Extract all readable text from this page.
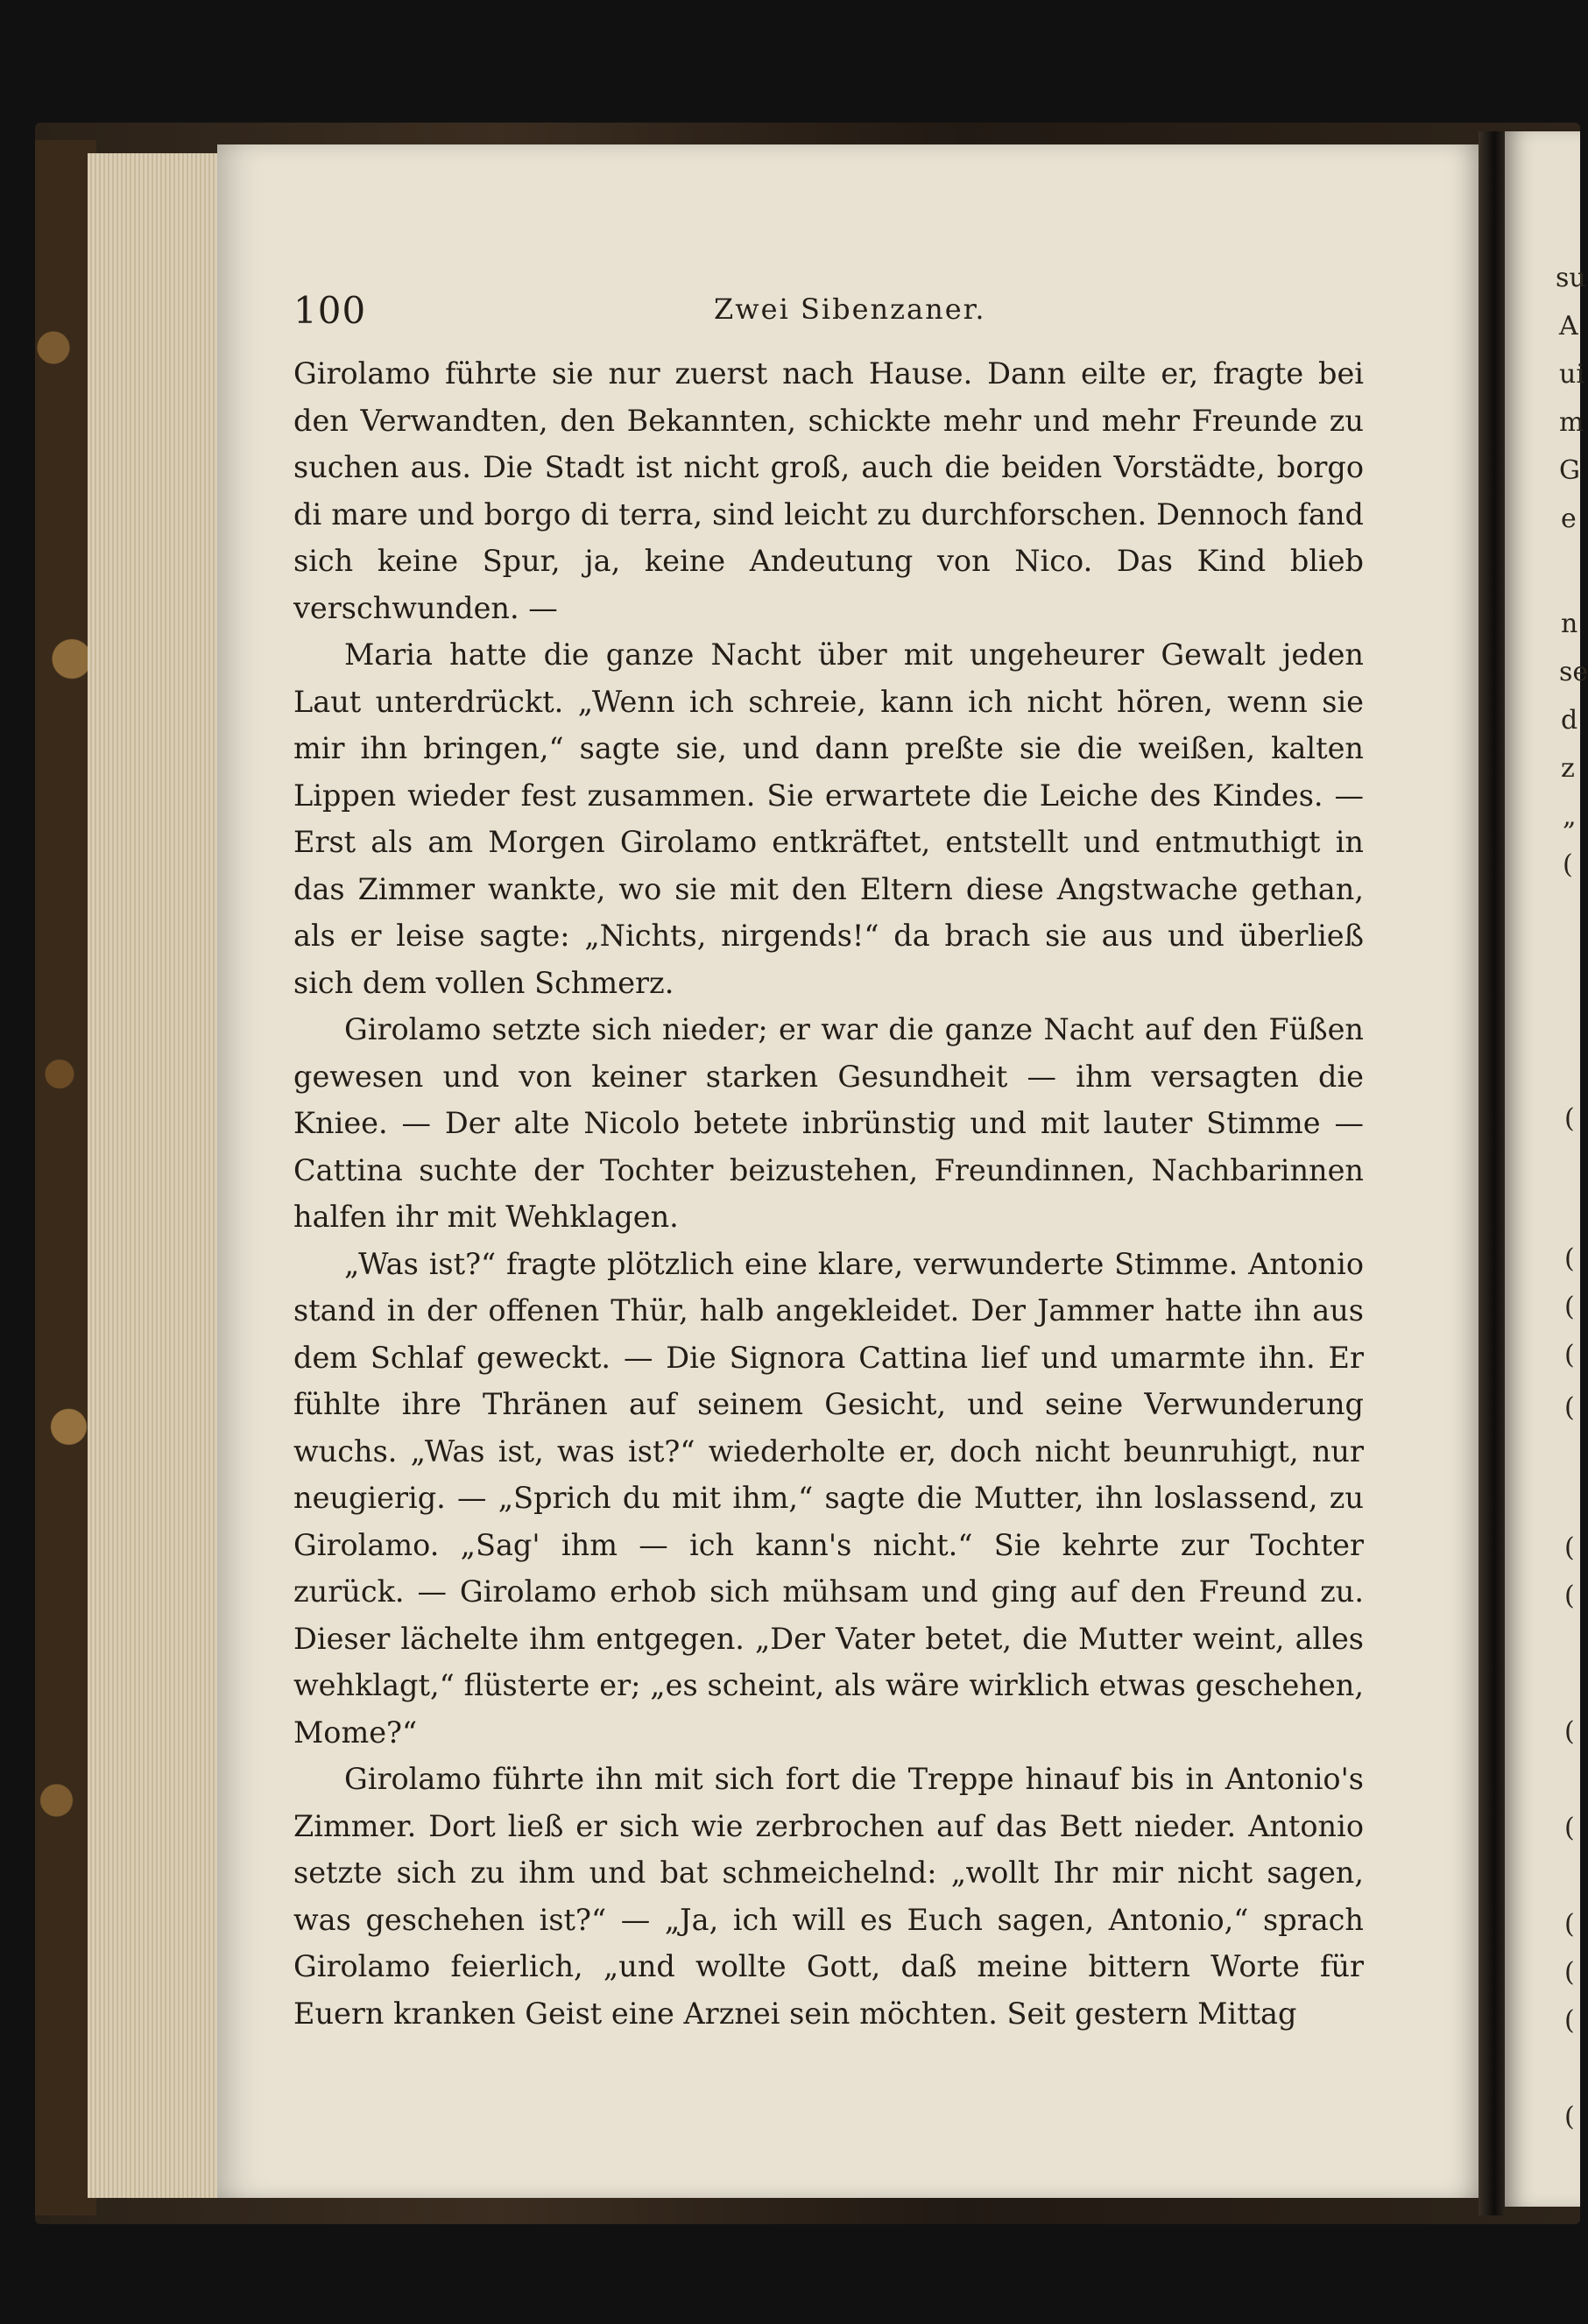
100	Zwei Sibenzaner.

Girolamo führte sie nur zuerst nach Hause. Dann eilte er, fragte bei den Verwandten, den Bekannten, schickte mehr und mehr Freunde zu suchen aus. Die Stadt ist nicht groß, auch die beiden Vorstädte, borgo di mare und borgo di terra, sind leicht zu durchforschen. Dennoch fand sich keine Spur, ja, keine Andeutung von Nico. Das Kind blieb verschwunden. —

Maria hatte die ganze Nacht über mit ungeheurer Gewalt jeden Laut unterdrückt. „Wenn ich schreie, kann ich nicht hören, wenn sie mir ihn bringen,“ sagte sie, und dann preßte sie die weißen, kalten Lippen wieder fest zusammen. Sie erwartete die Leiche des Kindes. — Erst als am Morgen Girolamo entkräftet, entstellt und entmuthigt in das Zimmer wankte, wo sie mit den Eltern diese Angstwache gethan, als er leise sagte: „Nichts, nirgends!“ da brach sie aus und überließ sich dem vollen Schmerz.

Girolamo setzte sich nieder; er war die ganze Nacht auf den Füßen gewesen und von keiner starken Gesundheit — ihm versagten die Kniee. — Der alte Nicolo betete inbrünstig und mit lauter Stimme — Cattina suchte der Tochter beizustehen, Freundinnen, Nachbarinnen halfen ihr mit Wehklagen.

„Was ist?“ fragte plötzlich eine klare, verwunderte Stimme. Antonio stand in der offenen Thür, halb angekleidet. Der Jammer hatte ihn aus dem Schlaf geweckt. — Die Signora Cattina lief und umarmte ihn. Er fühlte ihre Thränen auf seinem Gesicht, und seine Verwunderung wuchs. „Was ist, was ist?“ wiederholte er, doch nicht beunruhigt, nur neugierig. — „Sprich du mit ihm,“ sagte die Mutter, ihn loslassend, zu Girolamo. „Sag' ihm — ich kann's nicht.“ Sie kehrte zur Tochter zurück. — Girolamo erhob sich mühsam und ging auf den Freund zu. Dieser lächelte ihm entgegen. „Der Vater betet, die Mutter weint, alles wehklagt,“ flüsterte er; „es scheint, als wäre wirklich etwas geschehen, Mome?“

Girolamo führte ihn mit sich fort die Treppe hinauf bis in Antonio's Zimmer. Dort ließ er sich wie zerbrochen auf das Bett nieder. Antonio setzte sich zu ihm und bat schmeichelnd: „wollt Ihr mir nicht sagen, was geschehen ist?“ — „Ja, ich will es Euch sagen, Antonio,“ sprach Girolamo feierlich, „und wollte Gott, daß meine bittern Worte für Euern kranken Geist eine Arznei sein möchten. Seit gestern Mittag

su
A
ui
m
G
e
n
se
d
z
„
(
(
(
(
(
(
(
(
(
(
(
(
(
(
